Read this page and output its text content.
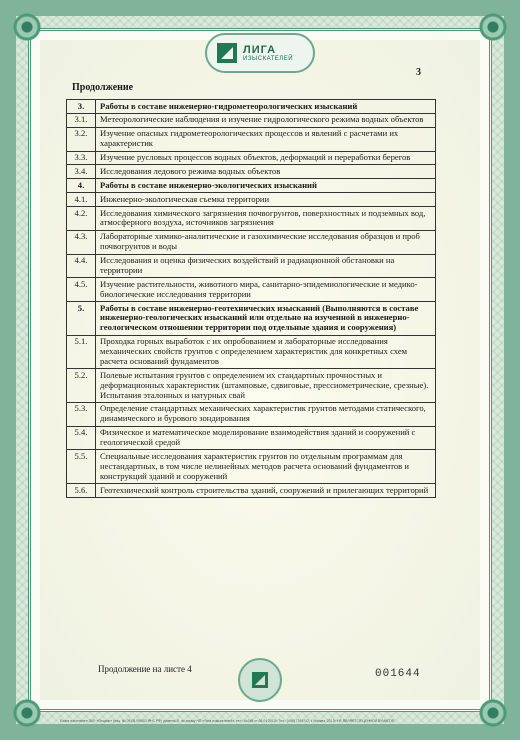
ЛИГА
ИЗЫСКАТЕЛЕЙ
Продолжение
3
3.	Работы в составе инженерно-гидрометеорологических изысканий
3.1.	Метеорологические наблюдения и изучение гидрологического режима водных объектов
3.2.	Изучение опасных гидрометеорологических процессов и явлений с расчетами их характеристик
3.3.	Изучение русловых процессов водных объектов, деформаций и переработки берегов
3.4.	Исследования ледового режима водных объектов
4.	Работы в составе инженерно-экологических изысканий
4.1.	Инженерно-экологическая съемка территории
4.2.	Исследования химического загрязнения почвогрунтов, поверхностных и подземных вод, атмосферного воздуха, источников загрязнения
4.3.	Лабораторные химико-аналитические и газохимические исследования образцов и проб почвогрунтов и воды
4.4.	Исследования и оценка физических воздействий и радиационной обстановки на территории
4.5.	Изучение растительности, животного мира, санитарно-эпидемиологические и медико-биологические исследования территории
5.	Работы в составе инженерно-геотехнических изысканий (Выполняются в составе инженерно-геологических изысканий или отдельно на изученной в инженерно-геологическом отношении территории под отдельные здания и сооружения)
5.1.	Проходка горных выработок с их опробованием и лабораторные исследования механических свойств грунтов с определением характеристик для конкретных схем расчета оснований фундаментов
5.2.	Полевые испытания грунтов с определением их стандартных прочностных и деформационных характеристик (штамповые, сдвиговые, прессиометрические, срезные). Испытания эталонных и натурных свай
5.3.	Определение стандартных механических характеристик грунтов методами статического, динамического и бурового зондирования
5.4.	Физическое и математическое моделирование взаимодействия зданий и сооружений с геологической средой
5.5.	Специальные исследования характеристик грунтов по отдельным программам для нестандартных, в том числе нелинейных методов расчета оснований фундаментов и конструкций зданий и сооружений
5.6.	Геотехнический контроль строительства зданий, сооружений и прилегающих территорий
Продолжение на листе 4	001644
Бланк изготовлен ЗАО «Опцион» (лиц. № 05-05-09/003 ФНС РФ) уровень В, по заказу НП «Лига изыскателей», тел.: №048 от 06.04.2012г. Тел.: (495) 7264742, г. Москва, 2012г. НЕ ЯВЛЯЕТСЯ ЦЕННОЙ БУМАГОЙ
